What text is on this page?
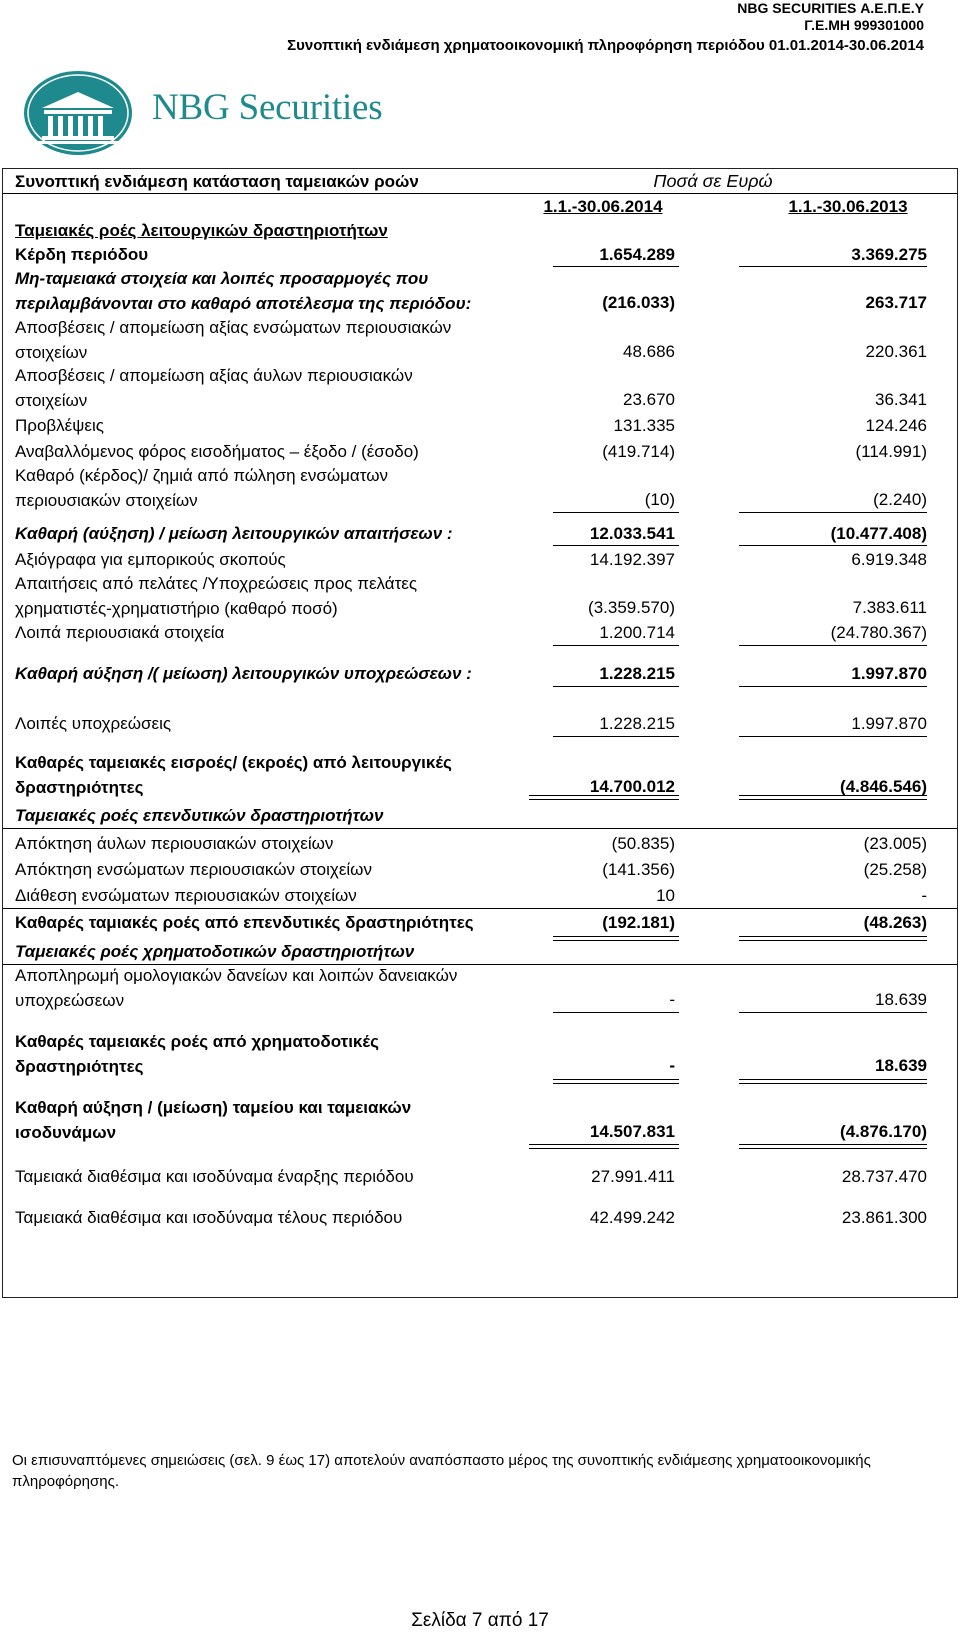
NBG SECURITIES Α.Ε.Π.Ε.Υ
Γ.Ε.ΜΗ 999301000
Συνοπτική ενδιάμεση χρηματοοικονομική πληροφόρηση περιόδου 01.01.2014-30.06.2014
NBG Securities
Συνοπτική ενδιάμεση κατάσταση ταμειακών ροών	Ποσά σε Ευρώ
1.1.-30.06.2014	1.1.-30.06.2013
Ταμειακές ροές λειτουργικών δραστηριοτήτων
Κέρδη περιόδου	1.654.289	3.369.275
Μη-ταμειακά στοιχεία και λοιπές προσαρμογές που περιλαμβάνονται στο καθαρό αποτέλεσμα της περιόδου:	(216.033)	263.717
Αποσβέσεις / απομείωση αξίας ενσώματων περιουσιακών στοιχείων	48.686	220.361
Αποσβέσεις / απομείωση αξίας άυλων περιουσιακών στοιχείων	23.670	36.341
Προβλέψεις	131.335	124.246
Αναβαλλόμενος φόρος εισοδήματος – έξοδο / (έσοδο)	(419.714)	(114.991)
Καθαρό (κέρδος)/ ζημιά από πώληση ενσώματων περιουσιακών στοιχείων	(10)	(2.240)
Καθαρή (αύξηση) / μείωση λειτουργικών απαιτήσεων :	12.033.541	(10.477.408)
Αξιόγραφα για εμπορικούς σκοπούς	14.192.397	6.919.348
Απαιτήσεις από πελάτες /Υποχρεώσεις προς πελάτες χρηματιστές-χρηματιστήριο (καθαρό ποσό)	(3.359.570)	7.383.611
Λοιπά περιουσιακά στοιχεία	1.200.714	(24.780.367)
Καθαρή αύξηση /( μείωση) λειτουργικών υποχρεώσεων :	1.228.215	1.997.870
Λοιπές υποχρεώσεις	1.228.215	1.997.870
Καθαρές ταμειακές εισροές/ (εκροές) από λειτουργικές δραστηριότητες	14.700.012	(4.846.546)
Ταμειακές ροές επενδυτικών δραστηριοτήτων
Απόκτηση άυλων περιουσιακών στοιχείων	(50.835)	(23.005)
Απόκτηση ενσώματων περιουσιακών στοιχείων	(141.356)	(25.258)
Διάθεση ενσώματων περιουσιακών στοιχείων	10	-
Καθαρές ταμιακές ροές από επενδυτικές δραστηριότητες	(192.181)	(48.263)
Ταμειακές ροές χρηματοδοτικών δραστηριοτήτων
Αποπληρωμή ομολογιακών δανείων και λοιπών δανειακών υποχρεώσεων	-	18.639
Καθαρές ταμειακές ροές από χρηματοδοτικές δραστηριότητες	-	18.639
Καθαρή αύξηση / (μείωση) ταμείου και ταμειακών ισοδυνάμων	14.507.831	(4.876.170)
Ταμειακά διαθέσιμα και ισοδύναμα έναρξης περιόδου	27.991.411	28.737.470
Ταμειακά διαθέσιμα και ισοδύναμα τέλους περιόδου	42.499.242	23.861.300
Οι επισυναπτόμενες σημειώσεις (σελ. 9 έως 17) αποτελούν αναπόσπαστο μέρος της συνοπτικής ενδιάμεσης χρηματοοικονομικής πληροφόρησης.
Σελίδα 7 από 17
